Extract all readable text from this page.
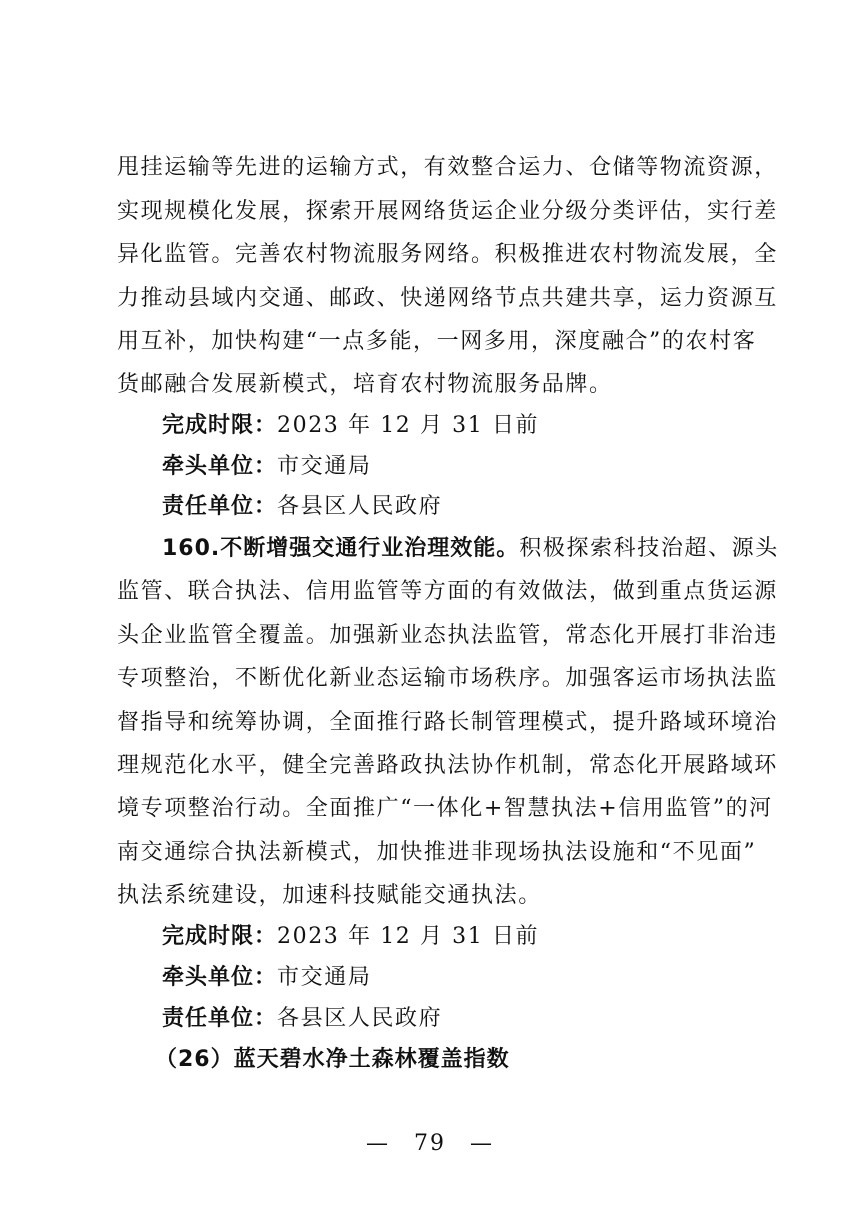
甩挂运输等先进的运输方式，有效整合运力、仓储等物流资源，
实现规模化发展，探索开展网络货运企业分级分类评估，实行差
异化监管。完善农村物流服务网络。积极推进农村物流发展，全
力推动县域内交通、邮政、快递网络节点共建共享，运力资源互
用互补，加快构建“一点多能，一网多用，深度融合”的农村客
货邮融合发展新模式，培育农村物流服务品牌。
完成时限：2023 年 12 月 31 日前
牵头单位：市交通局
责任单位：各县区人民政府
160.不断增强交通行业治理效能。积极探索科技治超、源头
监管、联合执法、信用监管等方面的有效做法，做到重点货运源
头企业监管全覆盖。加强新业态执法监管，常态化开展打非治违
专项整治，不断优化新业态运输市场秩序。加强客运市场执法监
督指导和统筹协调，全面推行路长制管理模式，提升路域环境治
理规范化水平，健全完善路政执法协作机制，常态化开展路域环
境专项整治行动。全面推广“一体化+智慧执法+信用监管”的河
南交通综合执法新模式，加快推进非现场执法设施和“不见面”
执法系统建设，加速科技赋能交通执法。
完成时限：2023 年 12 月 31 日前
牵头单位：市交通局
责任单位：各县区人民政府
（26）蓝天碧水净土森林覆盖指数
—　79　—
